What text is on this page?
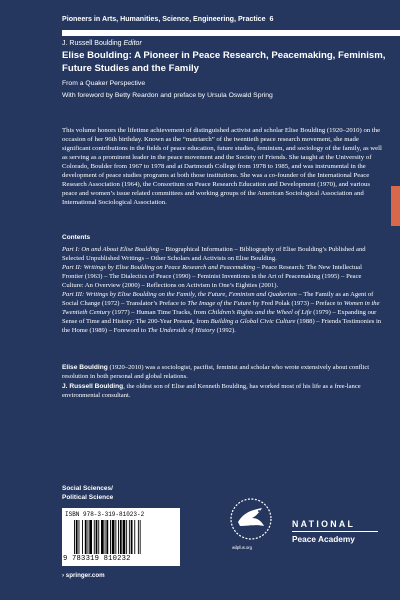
Pioneers in Arts, Humanities, Science, Engineering, Practice 6
J. Russell Boulding Editor
Elise Boulding: A Pioneer in Peace Research, Peacemaking, Feminism, Future Studies and the Family
From a Quaker Perspective
With foreword by Betty Reardon and preface by Ursula Oswald Spring
This volume honors the lifetime achievement of distinguished activist and scholar Elise Boulding (1920–2010) on the occasion of her 96th birthday. Known as the “matriarch” of the twentieth peace research movement, she made significant contributions in the fields of peace education, future studies, feminism, and sociology of the family, as well as serving as a prominent leader in the peace movement and the Society of Friends. She taught at the University of Colorado, Boulder from 1967 to 1978 and at Dartmouth College from 1978 to 1985, and was instrumental in the development of peace studies programs at both those institutions. She was a co-founder of the International Peace Research Association (1964), the Consortium on Peace Research Education and Development (1970), and various peace and women’s issue related committees and working groups of the American Sociological Association and International Sociological Association.
Contents

Part I: On and About Elise Boulding – Biographical Information – Bibliography of Elise Boulding’s Published and Selected Unpublished Writings – Other Scholars and Activists on Elise Boulding.

Part II: Writings by Elise Boulding on Peace Research and Peacemaking – Peace Research: The New Intellectual Frontier (1963) – The Dialectics of Peace (1990) – Feminist Inventions in the Art of Peacemaking (1995) – Peace Culture: An Overview (2000) – Reflections on Activism in One’s Eighties (2001).

Part III: Writings by Elise Boulding on the Family, the Future, Feminism and Quakerism – The Family as an Agent of Social Change (1972) – Translator’s Preface to The Image of the Future by Fred Polak (1973) – Preface to Women in the Twentieth Century (1977) – Human Time Tracks, from Children’s Rights and the Wheel of Life (1979) – Expanding our Sense of Time and History: The 200-Year Present, from Building a Global Civic Culture (1988) – Friends Testimonies in the Home (1989) – Foreword to The Underside of History (1992).

Elise Boulding (1920–2010) was a sociologist, pacifist, feminist and scholar who wrote extensively about conflict resolution in both personal and global relations.
J. Russell Boulding, the oldest son of Elise and Kenneth Boulding, has worked most of his life as a free-lance environmental consultant.
Social Sciences/
Political Science
ISBN 978-3-319-81023-2
9 783319 810232
› springer.com
wilpfus.org
NATIONAL
Peace Academy
